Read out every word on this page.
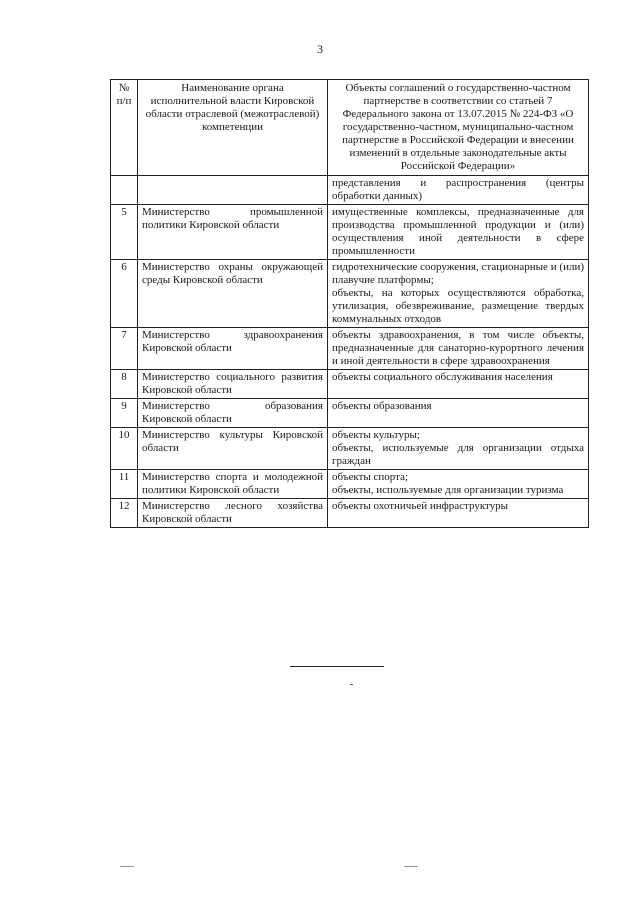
3
№ п/п	Наименование органа исполнительной власти Кировской области отраслевой (межотраслевой) компетенции	Объекты соглашений о государственно-частном партнерстве в соответствии со статьей 7 Федерального закона от 13.07.2015 № 224-ФЗ «О государственно-частном, муниципально-частном партнерстве в Российской Федерации и внесении изменений в отдельные законодательные акты Российской Федерации»
		представления и распространения (центры обработки данных)
5	Министерство промышленной политики Кировской области	имущественные комплексы, предназначенные для производства промышленной продукции и (или) осуществления иной деятельности в сфере промышленности
6	Министерство охраны окружающей среды Кировской области	гидротехнические сооружения, стационарные и (или) плавучие платформы;
объекты, на которых осуществляются обработка, утилизация, обезвреживание, размещение твердых коммунальных отходов

7	Министерство здравоохранения Кировской области	объекты здравоохранения, в том числе объекты, предназначенные для санаторно-курортного лечения и иной деятельности в сфере здравоохранения
8	Министерство социального развития Кировской области	объекты социального обслуживания населения
9	Министерство образования Кировской области	объекты образования
10	Министерство культуры Кировской области	объекты культуры;
объекты, используемые для организации отдыха граждан

11	Министерство спорта и молодежной политики Кировской области	объекты спорта;
объекты, используемые для организации туризма

12	Министерство лесного хозяйства Кировской области	объекты охотничьей инфраструктуры
